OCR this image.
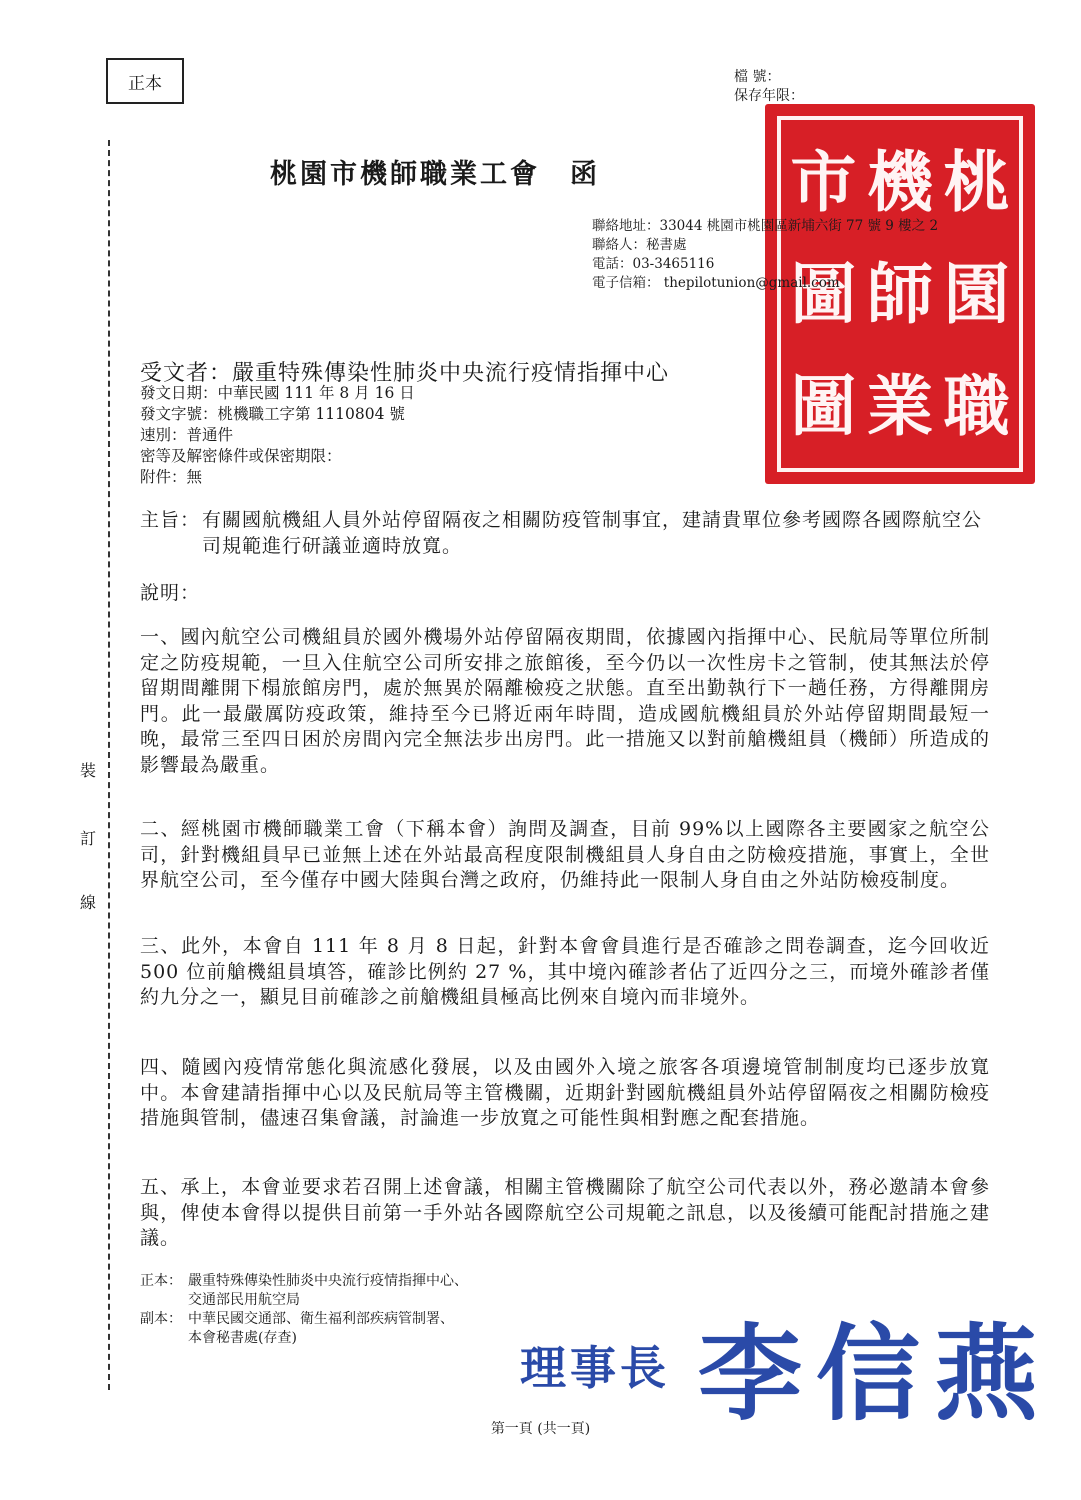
正本	檔 號：
保存年限：
裝
訂
線
市 機 桃
圖 師 園
圖 業 職
桃園市機師職業工會　函
聯絡地址：33044 桃園市桃園區新埔六街 77 號 9 樓之 2
聯絡人：秘書處
電話：03-3465116
電子信箱： thepilotunion@gmail.com
受文者：嚴重特殊傳染性肺炎中央流行疫情指揮中心
發文日期：中華民國 111 年 8 月 16 日
發文字號：桃機職工字第 1110804 號
速別：普通件
密等及解密條件或保密期限：
附件：無
主旨： 有關國航機組人員外站停留隔夜之相關防疫管制事宜，建請貴單位參考國際各國際航空公司規範進行研議並適時放寬。
說明：
一、國內航空公司機組員於國外機場外站停留隔夜期間，依據國內指揮中心、民航局等單位所制定之防疫規範，一旦入住航空公司所安排之旅館後，至今仍以一次性房卡之管制，使其無法於停留期間離開下榻旅館房門，處於無異於隔離檢疫之狀態。直至出勤執行下一趟任務，方得離開房門。此一最嚴厲防疫政策，維持至今已將近兩年時間，造成國航機組員於外站停留期間最短一晚，最常三至四日困於房間內完全無法步出房門。此一措施又以對前艙機組員（機師）所造成的影響最為嚴重。
二、經桃園市機師職業工會（下稱本會）詢問及調查，目前 99%以上國際各主要國家之航空公司，針對機組員早已並無上述在外站最高程度限制機組員人身自由之防檢疫措施，事實上，全世界航空公司，至今僅存中國大陸與台灣之政府，仍維持此一限制人身自由之外站防檢疫制度。
三、此外，本會自 111 年 8 月 8 日起，針對本會會員進行是否確診之問卷調查，迄今回收近 500 位前艙機組員填答，確診比例約 27 %，其中境內確診者佔了近四分之三，而境外確診者僅約九分之一，顯見目前確診之前艙機組員極高比例來自境內而非境外。
四、隨國內疫情常態化與流感化發展，以及由國外入境之旅客各項邊境管制制度均已逐步放寬中。本會建請指揮中心以及民航局等主管機關，近期針對國航機組員外站停留隔夜之相關防檢疫措施與管制，儘速召集會議，討論進一步放寬之可能性與相對應之配套措施。
五、承上，本會並要求若召開上述會議，相關主管機關除了航空公司代表以外，務必邀請本會參與，俾使本會得以提供目前第一手外站各國際航空公司規範之訊息，以及後續可能配討措施之建議。
正本： 嚴重特殊傳染性肺炎中央流行疫情指揮中心、
交通部民用航空局
副本： 中華民國交通部、衛生福利部疾病管制署、
本會秘書處(存查)
理事長 李信燕
第一頁 (共一頁)
